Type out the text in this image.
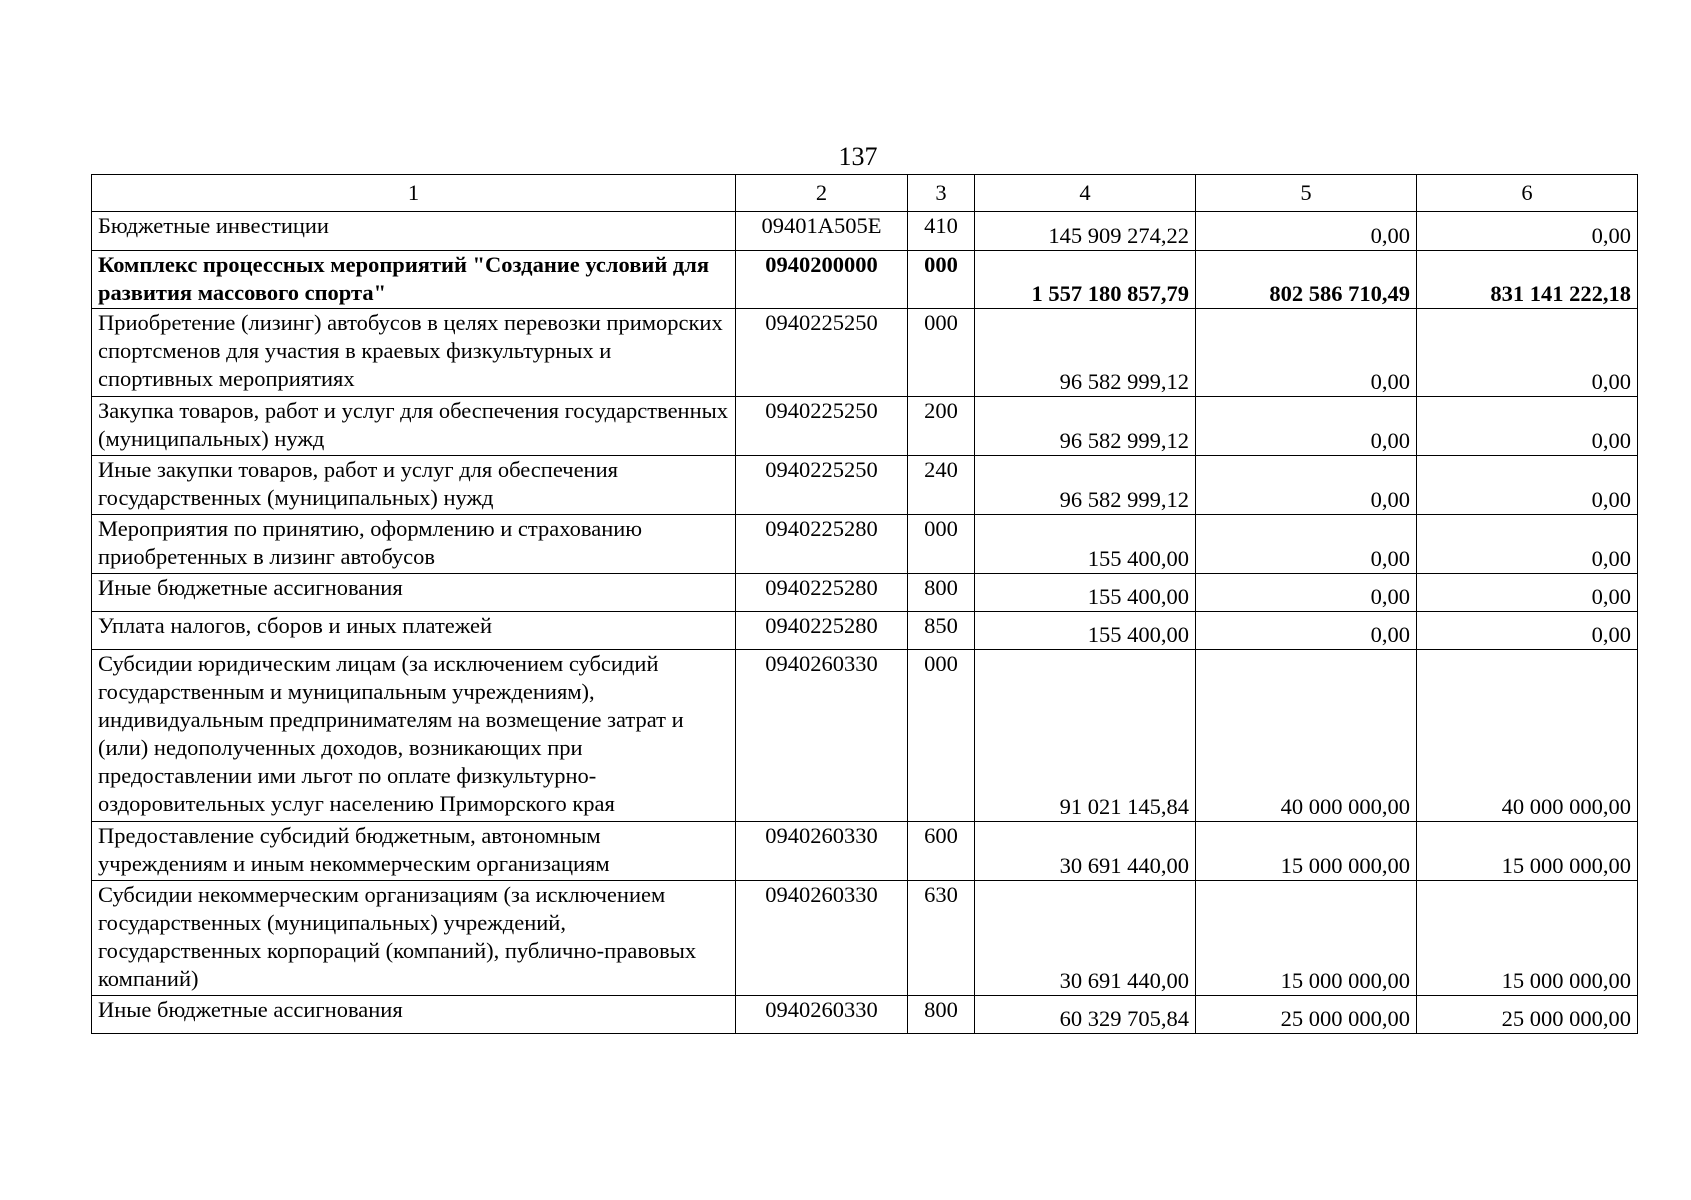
137
1	2	3	4	5	6
Бюджетные инвестиции	09401A505E	410	145 909 274,22	0,00	0,00
Комплекс процессных мероприятий "Создание условий для развития массового спорта"	0940200000	000	1 557 180 857,79	802 586 710,49	831 141 222,18
Приобретение (лизинг) автобусов в целях перевозки приморских спортсменов для участия в краевых физкультурных и спортивных мероприятиях	0940225250	000	96 582 999,12	0,00	0,00
Закупка товаров, работ и услуг для обеспечения государственных (муниципальных) нужд	0940225250	200	96 582 999,12	0,00	0,00
Иные закупки товаров, работ и услуг для обеспечения государственных (муниципальных) нужд	0940225250	240	96 582 999,12	0,00	0,00
Мероприятия по принятию, оформлению и страхованию приобретенных в лизинг автобусов	0940225280	000	155 400,00	0,00	0,00
Иные бюджетные ассигнования	0940225280	800	155 400,00	0,00	0,00
Уплата налогов, сборов и иных платежей	0940225280	850	155 400,00	0,00	0,00
Субсидии юридическим лицам (за исключением субсидий государственным и муниципальным учреждениям), индивидуальным предпринимателям на возмещение затрат и (или) недополученных доходов, возникающих при предоставлении ими льгот по оплате физкультурно-оздоровительных услуг населению Приморского края	0940260330	000	91 021 145,84	40 000 000,00	40 000 000,00
Предоставление субсидий бюджетным, автономным учреждениям и иным некоммерческим организациям	0940260330	600	30 691 440,00	15 000 000,00	15 000 000,00
Субсидии некоммерческим организациям (за исключением государственных (муниципальных) учреждений, государственных корпораций (компаний), публично-правовых компаний)	0940260330	630	30 691 440,00	15 000 000,00	15 000 000,00
Иные бюджетные ассигнования	0940260330	800	60 329 705,84	25 000 000,00	25 000 000,00
